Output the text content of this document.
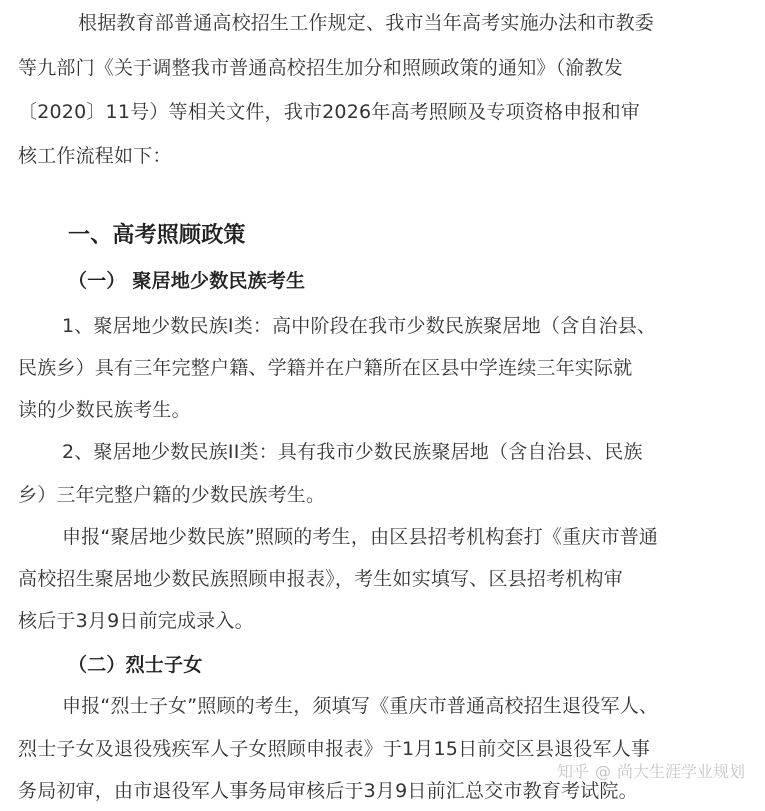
根据教育部普通高校招生工作规定、我市当年高考实施办法和市教委
等九部门《关于调整我市普通高校招生加分和照顾政策的通知》（渝教发
〔2020〕11号）等相关文件，我市2026年高考照顾及专项资格申报和审
核工作流程如下：
一、高考照顾政策
（一） 聚居地少数民族考生
1、聚居地少数民族I类：高中阶段在我市少数民族聚居地（含自治县、
民族乡）具有三年完整户籍、学籍并在户籍所在区县中学连续三年实际就
读的少数民族考生。
2、聚居地少数民族II类：具有我市少数民族聚居地（含自治县、民族
乡）三年完整户籍的少数民族考生。
申报“聚居地少数民族”照顾的考生，由区县招考机构套打《重庆市普通
高校招生聚居地少数民族照顾申报表》，考生如实填写、区县招考机构审
核后于3月9日前完成录入。
（二）烈士子女
申报“烈士子女”照顾的考生，须填写《重庆市普通高校招生退役军人、
烈士子女及退役残疾军人子女照顾申报表》于1月15日前交区县退役军人事
务局初审，由市退役军人事务局审核后于3月9日前汇总交市教育考试院。
知乎 @ 尚大生涯学业规划
